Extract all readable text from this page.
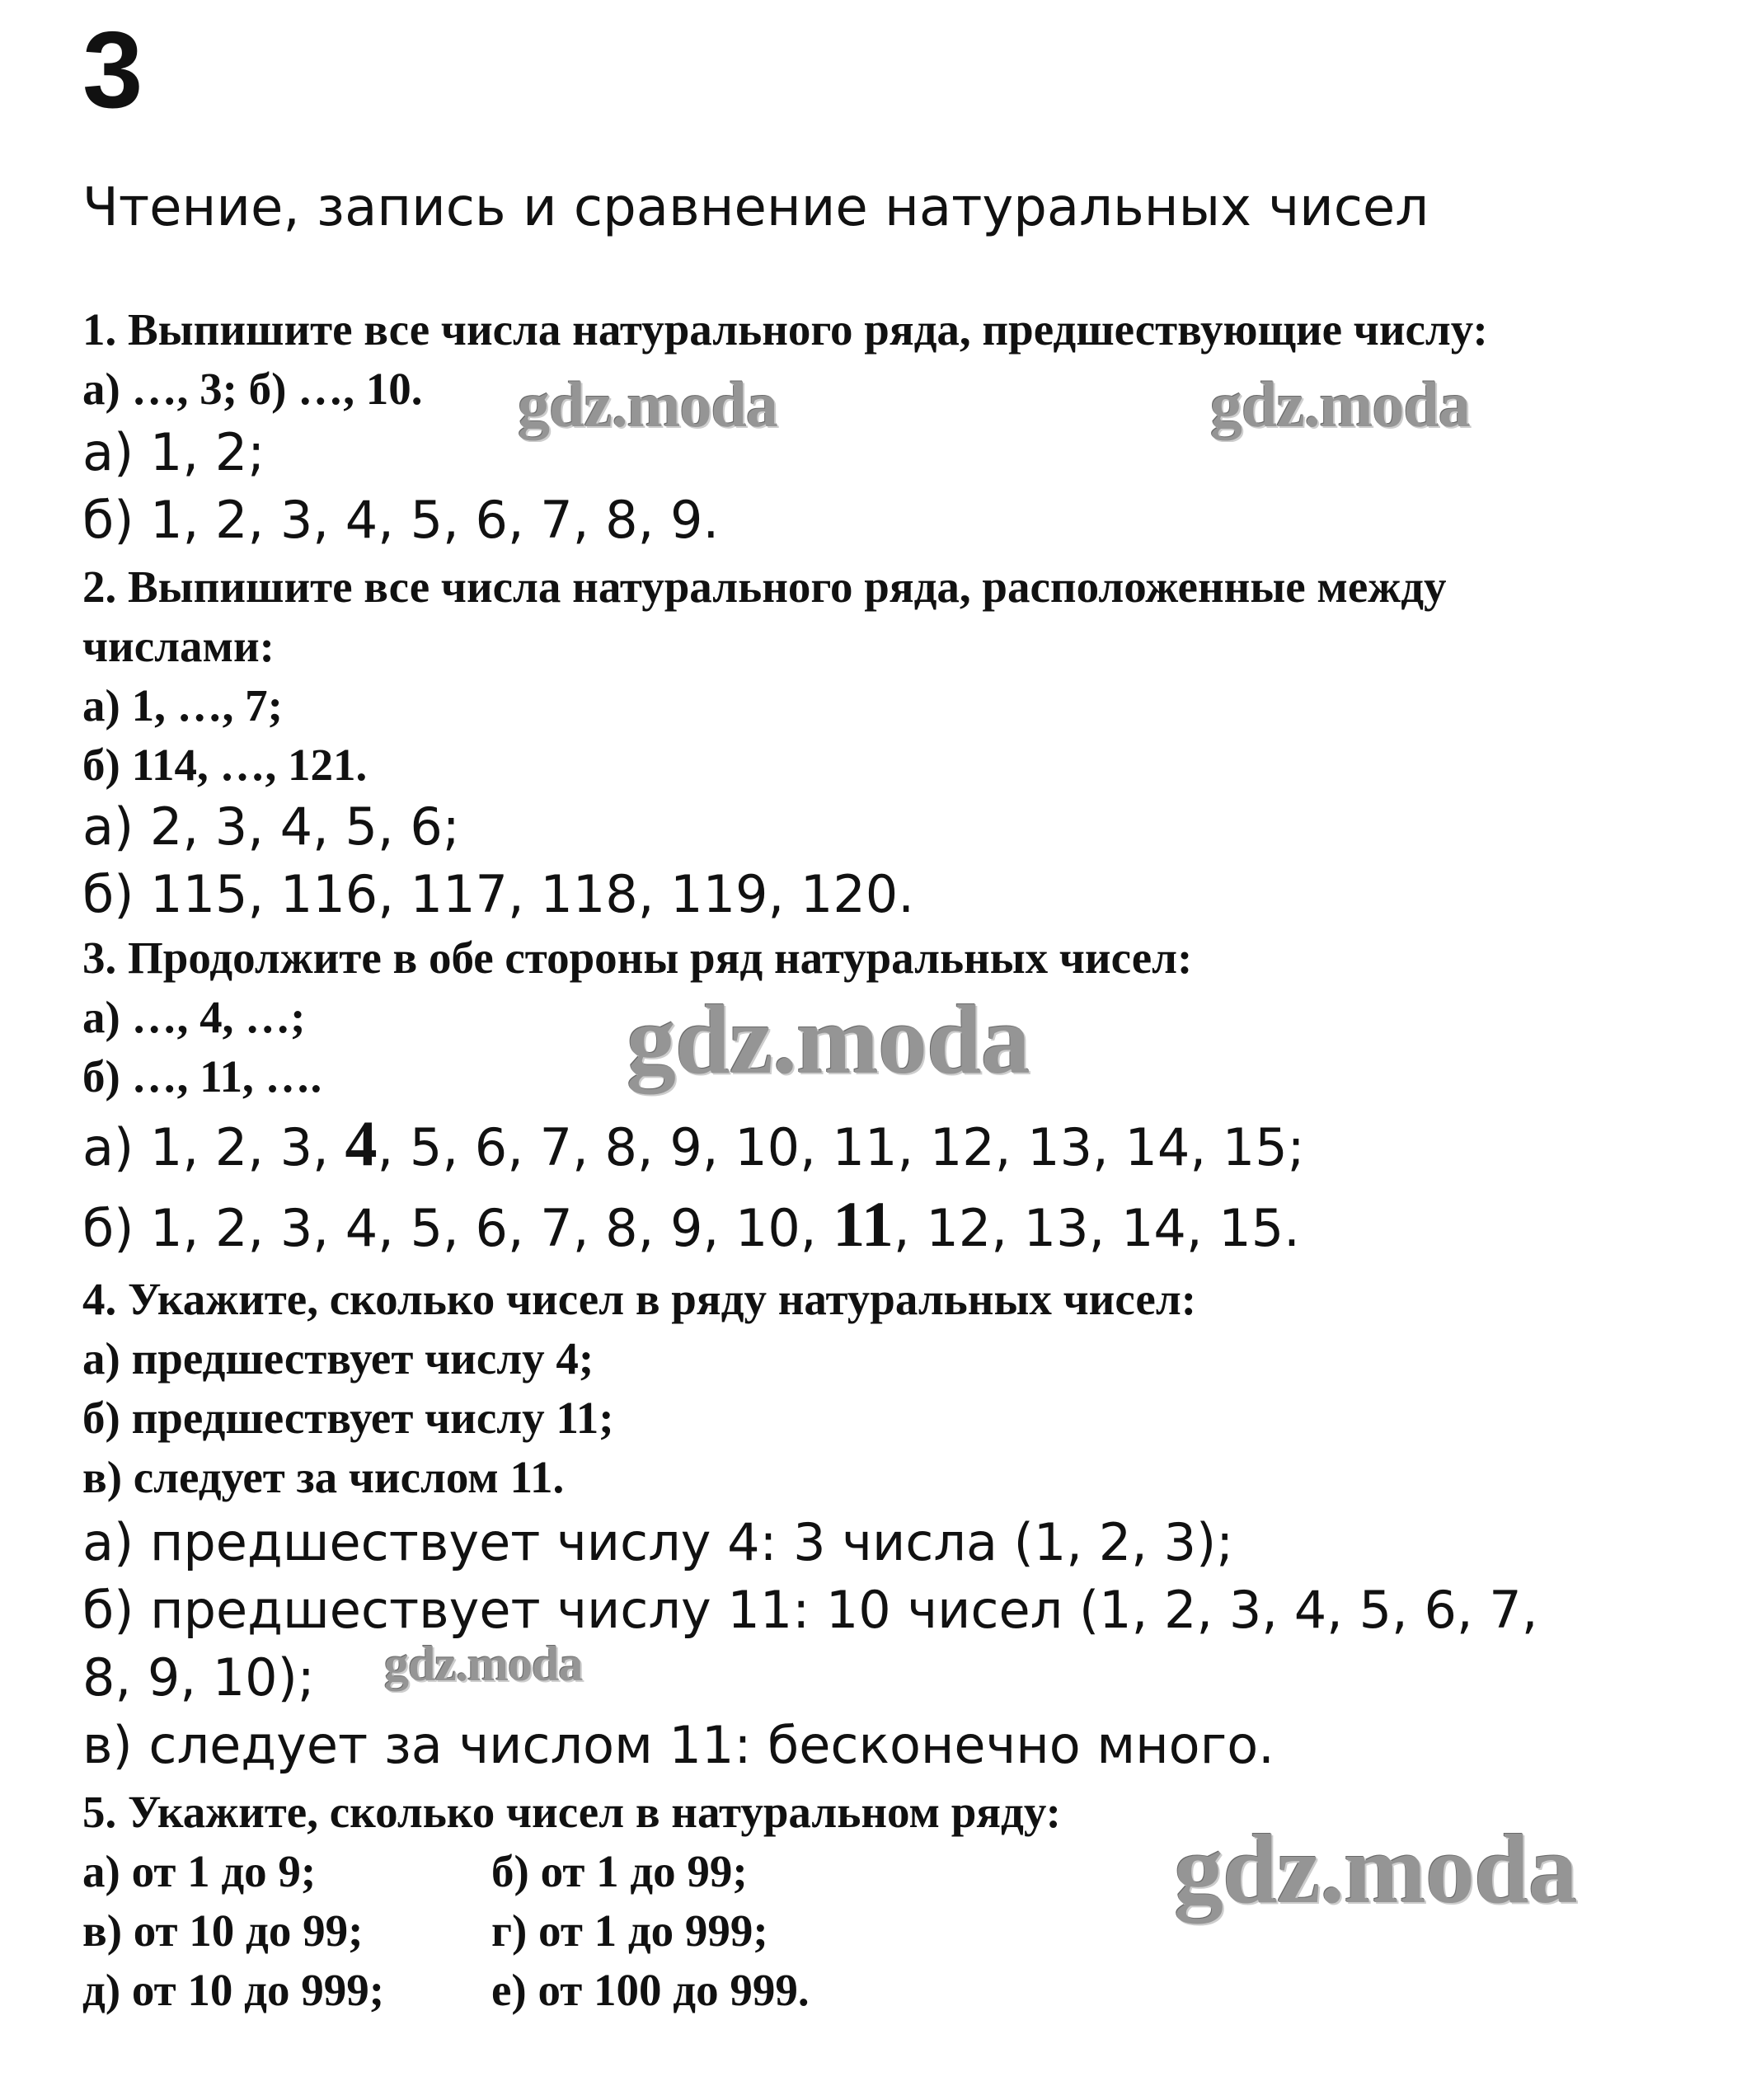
3
Чтение, запись и сравнение натуральных чисел
1. Выпишите все числа натурального ряда, предшествующие числу:
а) …, 3; б) …, 10.
а) 1, 2;
б) 1, 2, 3, 4, 5, 6, 7, 8, 9.
2. Выпишите все числа натурального ряда, расположенные между
числами:
а) 1, …, 7;
б) 114, …, 121.
а) 2, 3, 4, 5, 6;
б) 115, 116, 117, 118, 119, 120.
3. Продолжите в обе стороны ряд натуральных чисел:
а) …, 4, …;
б) …, 11, ….
а) 1, 2, 3, 4, 5, 6, 7, 8, 9, 10, 11, 12, 13, 14, 15;
б) 1, 2, 3, 4, 5, 6, 7, 8, 9, 10, 11, 12, 13, 14, 15.
4. Укажите, сколько чисел в ряду натуральных чисел:
а) предшествует числу 4;
б) предшествует числу 11;
в) следует за числом 11.
а) предшествует числу 4: 3 числа (1, 2, 3);
б) предшествует числу 11: 10 чисел (1, 2, 3, 4, 5, 6, 7,
8, 9, 10);
в) следует за числом 11: бесконечно много.
5. Укажите, сколько чисел в натуральном ряду:
а) от 1 до 9;	б) от 1 до 99;
в) от 10 до 99;	г) от 1 до 999;
д) от 10 до 999; е) от 100 до 999.
gdz.moda	gdz.moda
gdz.moda
gdz.moda
gdz.moda
